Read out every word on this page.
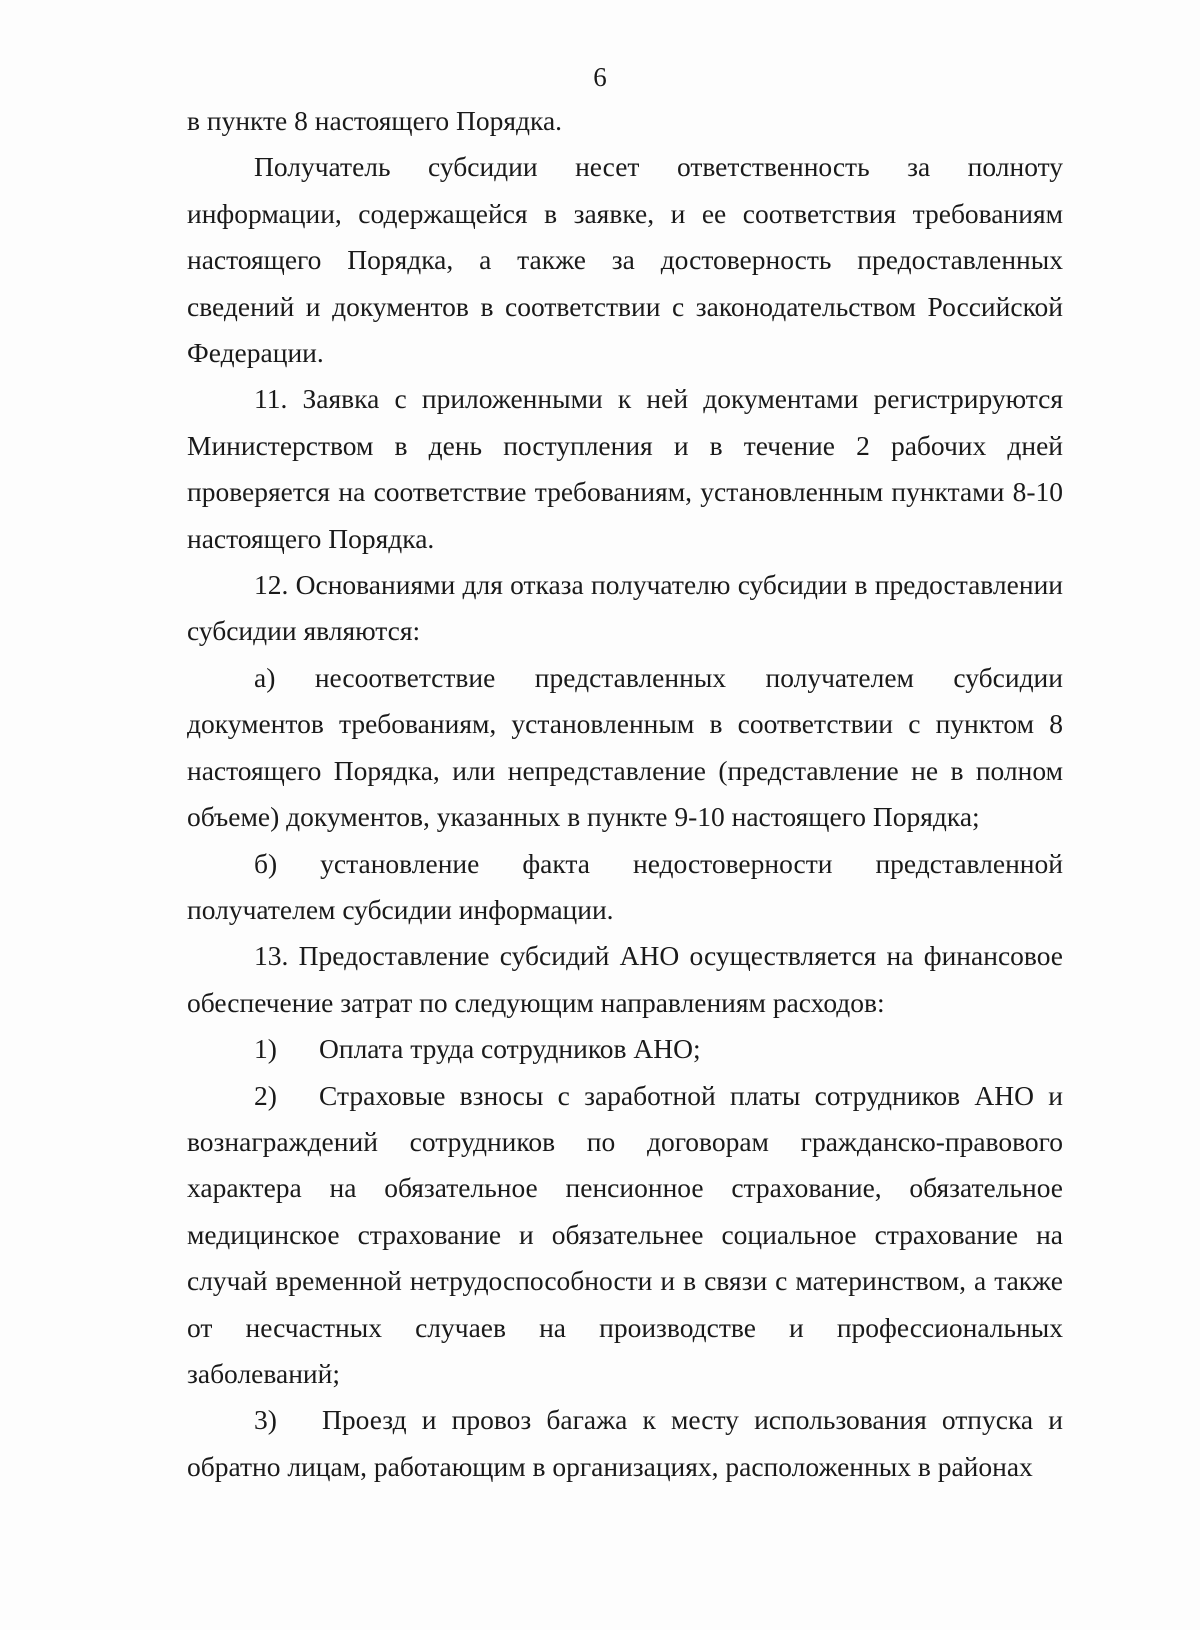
6

в пункте 8 настоящего Порядка.

Получатель субсидии несет ответственность за полноту информации, содержащейся в заявке, и ее соответствия требованиям настоящего Порядка, а также за достоверность предоставленных сведений и документов в соответствии с законодательством Российской Федерации.

11. Заявка с приложенными к ней документами регистрируются Министерством в день поступления и в течение 2 рабочих дней проверяется на соответствие требованиям, установленным пунктами 8-10 настоящего Порядка.

12. Основаниями для отказа получателю субсидии в предоставлении субсидии являются:

а) несоответствие представленных получателем субсидии документов требованиям, установленным в соответствии с пунктом 8 настоящего Порядка, или непредставление (представление не в полном объеме) документов, указанных в пункте 9-10 настоящего Порядка;

б) установление факта недостоверности представленной получателем субсидии информации.

13. Предоставление субсидий АНО осуществляется на финансовое обеспечение затрат по следующим направлениям расходов:

1) Оплата труда сотрудников АНО;

2) Страховые взносы с заработной платы сотрудников АНО и вознаграждений сотрудников по договорам гражданско-правового характера на обязательное пенсионное страхование, обязательное медицинское страхование и обязательнее социальное страхование на случай временной нетрудоспособности и в связи с материнством, а также от несчастных случаев на производстве и профессиональных заболеваний;

3) Проезд и провоз багажа к месту использования отпуска и обратно лицам, работающим в организациях, расположенных в районах
